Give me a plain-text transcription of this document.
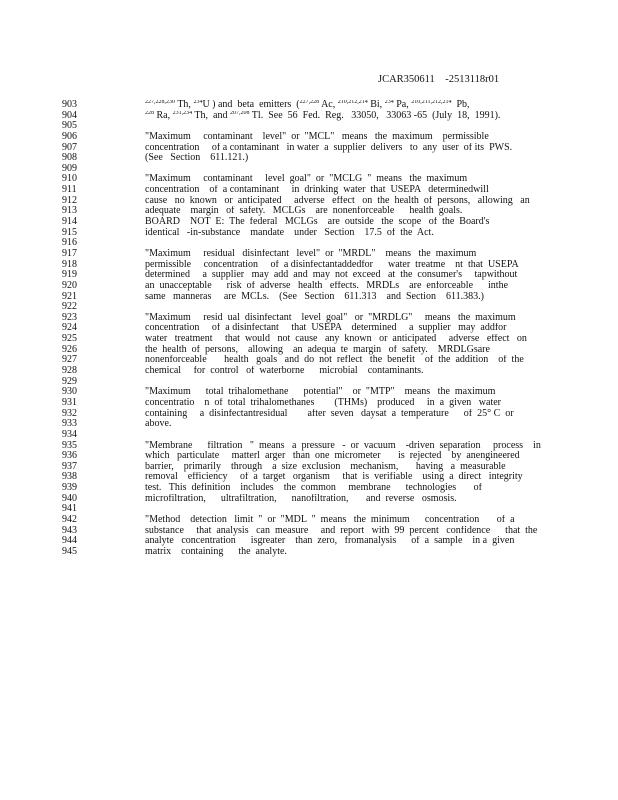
JCAR350611    -2513118r01
903	$^{227,228,230}$ Th, $^{234}$U ) and  beta  emitters  ($^{227,228}$ Ac, $^{210,212,214}$ Bi, $^{234}$ Pa, $^{210,211,212,214}$  Pb,
904	$^{228}$ Ra, $^{231,234}$ Th,  and $^{207,208}$ Tl.  See  56  Fed.  Reg.   33050,   33063 -65  (July  18,  1991).
905
906	"Maximum     contaminant    level"  or  "MCL"   means   the  maximum    permissible
907	concentration     of a contaminant   in water  a  supplier  delivers   to  any  user  of its  PWS.
908	(See   Section    611.121.)
909
910	"Maximum     contaminant     level  goal"  or  "MCLG  "  means   the  maximum
911	concentration    of  a contaminant     in  drinking  water  that  USEPA   determinedwill
912	cause   no  known   or  anticipated     adverse   effect   on  the  health  of  persons,   allowing   an
913	adequate    margin   of  safety.   MCLGs    are  nonenforceable      health  goals.
914	BOARD    NOT  E:  The  federal   MCLGs    are  outside   the  scope   of  the  Board's
915	identical   -in-substance    mandate    under   Section    17.5  of  the  Act.
916
917	"Maximum     residual   disinfectant   level"  or  "MRDL"    means   the  maximum
918	permissible     concentration     of  a disinfectantaddedfor      water  treatme    nt  that  USEPA
919	determined     a  supplier   may  add  and  may  not  exceed   at  the  consumer's     tapwithout
920	an  unacceptable      risk  of  adverse   health   effects.   MRDLs    are  enforceable      inthe
921	same   manneras     are  MCLs.    (See   Section    611.313    and  Section    611.383.)
922
923	"Maximum     resid  ual  disinfectant    level  goal"   or  "MRDLG"     means   the  maximum
924	concentration     of  a disinfectant     that  USEPA    determined     a  supplier   may  addfor
925	water   treatment     that  would   not  cause   any  known   or  anticipated     adverse   effect   on
926	the  health  of  persons,    allowing    an  adequa  te  margin   of  safety.    MRDLGsare
927	nonenforceable       health   goals   and  do  not  reflect   the  benefit    of  the  addition    of  the
928	chemical     for  control   of  waterborne      microbial    contaminants.
929
930	"Maximum      total  trihalomethane      potential"    or  "MTP"    means   the  maximum
931	concentratio    n  of  total  trihalomethanes        (THMs)    produced     in  a  given   water
932	containing     a  disinfectantresidual        after  seven   daysat  a  temperature      of  25° C  or
933	above.
934
935	"Membrane      filtration   "  means   a  pressure   -  or  vacuum    -driven  separation     process    in
936	which   particulate     matterl  arger   than  one  micrometer       is  rejected    by  anengineered
937	barrier,    primarily    through    a  size  exclusion    mechanism,       having   a  measurable
938	removal    efficiency     of  a  target   organism     that  is  verifiable    using  a  direct   integrity
939	test.   This  definition    includes    the  common     membrane      technologies       of
940	microfiltration,      ultrafiltration,      nanofiltration,       and  reverse   osmosis.
941
942	"Method    detection   limit  "  or  "MDL  "  means   the  minimum      concentration       of  a
943	substance     that  analysis   can  measure     and  report   with  99  percent   confidence      that  the
944	analyte   concentration      isgreater    than  zero,   fromanalysis      of  a  sample    in a  given
945	matrix    containing      the  analyte.
